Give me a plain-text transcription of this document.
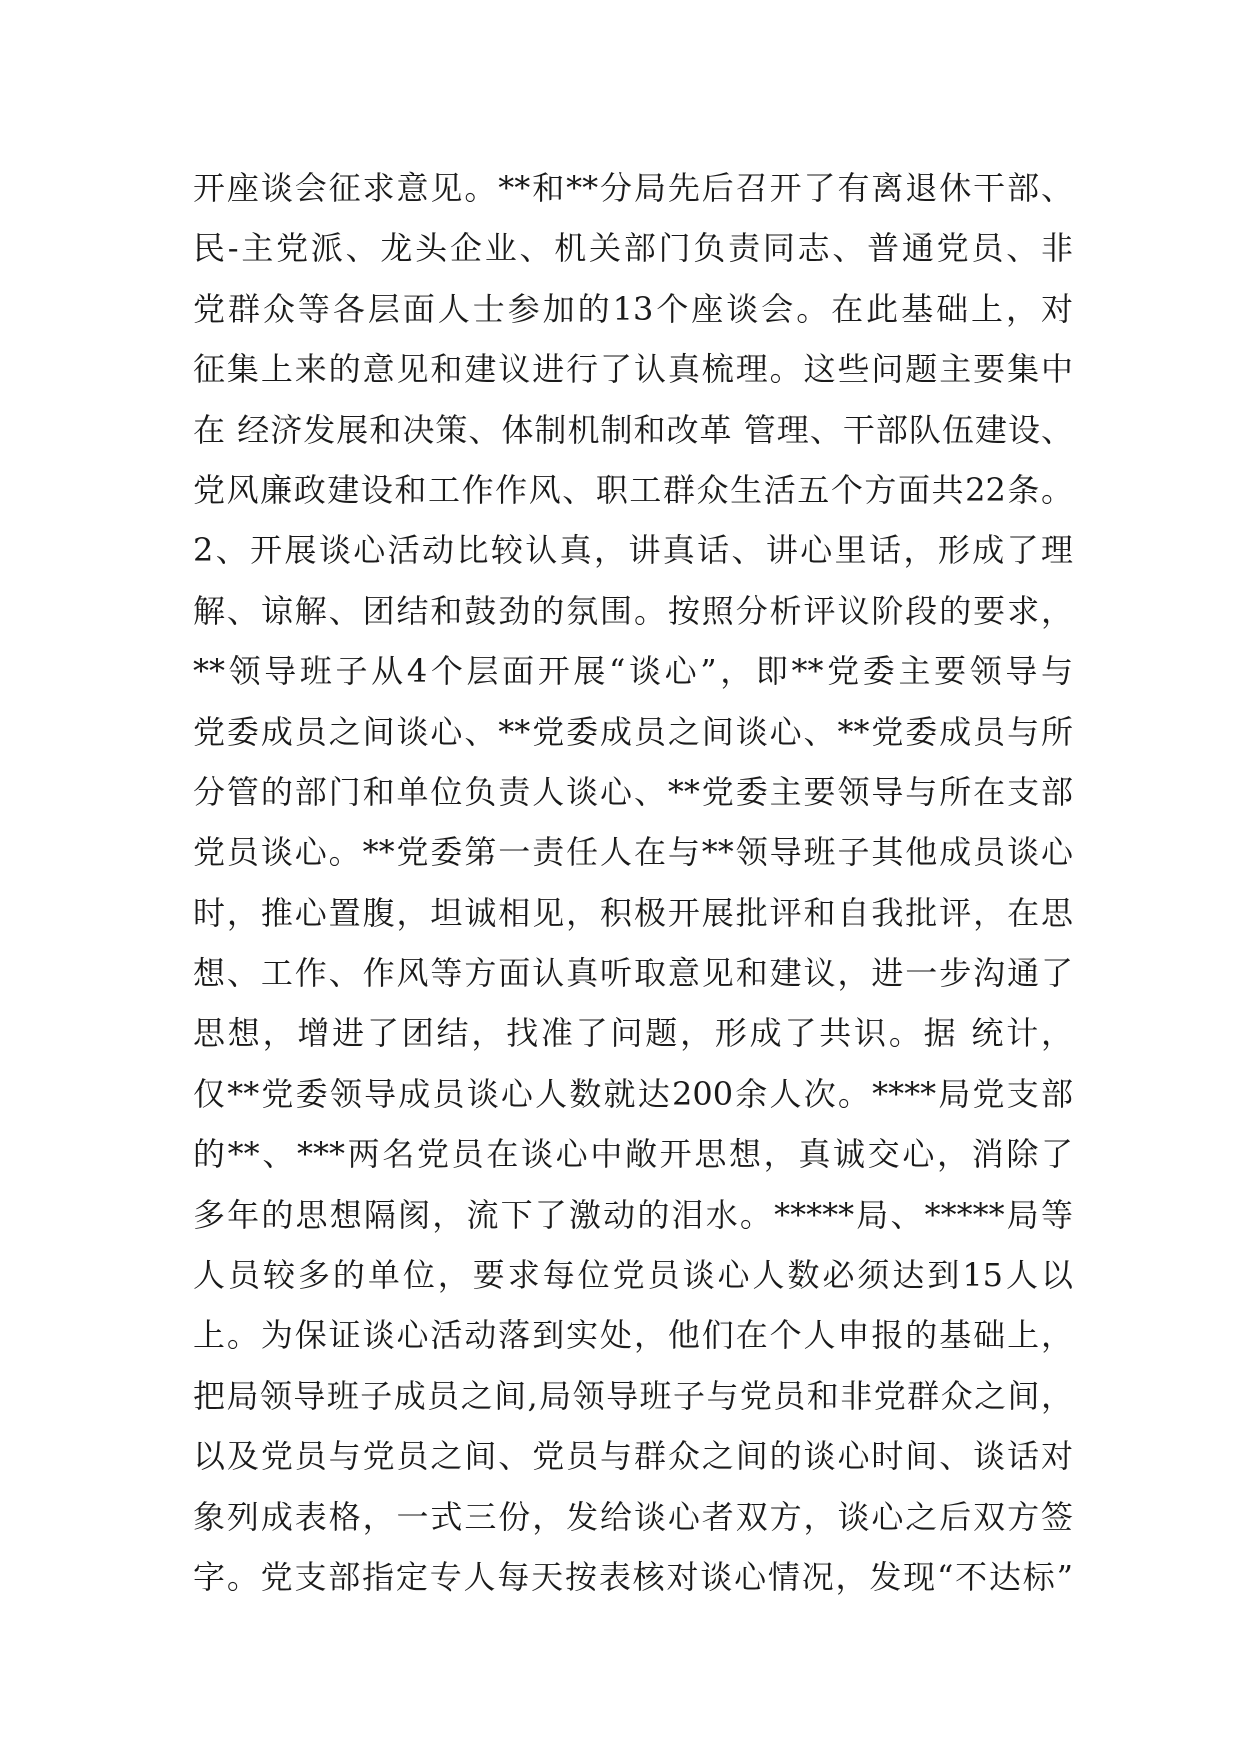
开座谈会征求意见。**和**分局先后召开了有离退休干部、
民-主党派、龙头企业、机关部门负责同志、普通党员、非
党群众等各层面人士参加的13个座谈会。在此基础上，对
征集上来的意见和建议进行了认真梳理。这些问题主要集中
在 经济发展和决策、体制机制和改革 管理、干部队伍建设、
党风廉政建设和工作作风、职工群众生活五个方面共22条。
2、开展谈心活动比较认真，讲真话、讲心里话，形成了理
解、谅解、团结和鼓劲的氛围。按照分析评议阶段的要求，
**领导班子从4个层面开展“谈心”，即**党委主要领导与
党委成员之间谈心、**党委成员之间谈心、**党委成员与所
分管的部门和单位负责人谈心、**党委主要领导与所在支部
党员谈心。**党委第一责任人在与**领导班子其他成员谈心
时，推心置腹，坦诚相见，积极开展批评和自我批评，在思
想、工作、作风等方面认真听取意见和建议，进一步沟通了
思想，增进了团结，找准了问题，形成了共识。据 统计，
仅**党委领导成员谈心人数就达200余人次。****局党支部
的**、***两名党员在谈心中敞开思想，真诚交心，消除了
多年的思想隔阂，流下了激动的泪水。*****局、*****局等
人员较多的单位，要求每位党员谈心人数必须达到15人以
上。为保证谈心活动落到实处，他们在个人申报的基础上，
把局领导班子成员之间,局领导班子与党员和非党群众之间，
以及党员与党员之间、党员与群众之间的谈心时间、谈话对
象列成表格，一式三份，发给谈心者双方，谈心之后双方签
字。党支部指定专人每天按表核对谈心情况，发现“不达标”
